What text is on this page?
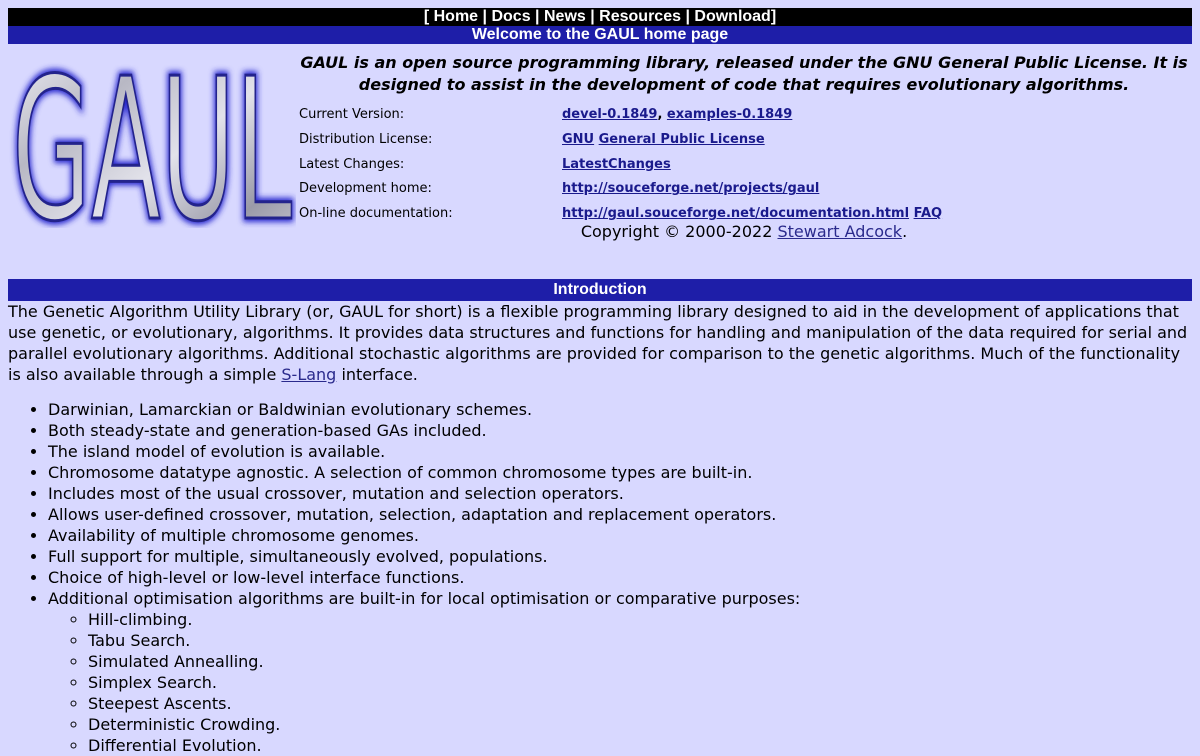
[ Home | Docs | News | Resources | Download]
Welcome to the GAUL home page
GAUL
GAUL GAUL is an open source programming library, released under the GNU General Public License. It is designed to assist in the development of code that requires evolutionary algorithms.
Current Version:	devel-0.1849, examples-0.1849
Distribution License:	GNU General Public License
Latest Changes:	LatestChanges
Development home:	http://souceforge.net/projects/gaul
On-line documentation:	http://gaul.souceforge.net/documentation.html FAQ
Copyright © 2000-2022 Stewart Adcock.
Introduction

The Genetic Algorithm Utility Library (or, GAUL for short) is a flexible programming library designed to aid in the development of applications that use genetic, or evolutionary, algorithms. It provides data structures and functions for handling and manipulation of the data required for serial and parallel evolutionary algorithms. Additional stochastic algorithms are provided for comparison to the genetic algorithms. Much of the functionality is also available through a simple S-Lang interface.

• Darwinian, Lamarckian or Baldwinian evolutionary schemes.
• Both steady-state and generation-based GAs included.
• The island model of evolution is available.
• Chromosome datatype agnostic. A selection of common chromosome types are built-in.
• Includes most of the usual crossover, mutation and selection operators.
• Allows user-defined crossover, mutation, selection, adaptation and replacement operators.
• Availability of multiple chromosome genomes.
• Full support for multiple, simultaneously evolved, populations.
• Choice of high-level or low-level interface functions.
• Additional optimisation algorithms are built-in for local optimisation or comparative purposes:
◦ Hill-climbing.
◦ Tabu Search.
◦ Simulated Annealling.
◦ Simplex Search.
◦ Steepest Ascents.
◦ Deterministic Crowding.
◦ Differential Evolution.
